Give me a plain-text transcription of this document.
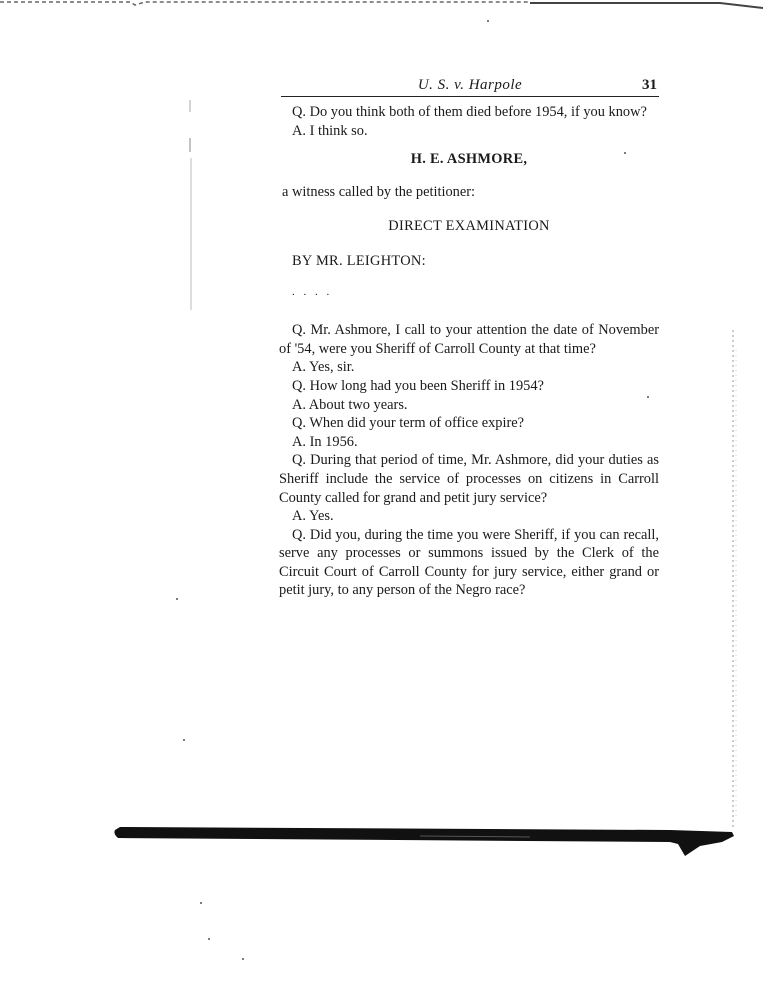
U. S. v. Harpole	31

Q. Do you think both of them died before 1954, if you know?

A. I think so.

H. E. ASHMORE,

a witness called by the petitioner:

DIRECT EXAMINATION

BY MR. LEIGHTON:

. . . .

Q. Mr. Ashmore, I call to your attention the date of November of '54, were you Sheriff of Carroll County at that time?

A. Yes, sir.

Q. How long had you been Sheriff in 1954?

A. About two years.

Q. When did your term of office expire?

A. In 1956.

Q. During that period of time, Mr. Ashmore, did your duties as Sheriff include the service of processes on citizens in Carroll County called for grand and petit jury service?

A. Yes.

Q. Did you, during the time you were Sheriff, if you can recall, serve any processes or summons issued by the Clerk of the Circuit Court of Carroll County for jury service, either grand or petit jury, to any person of the Negro race?
